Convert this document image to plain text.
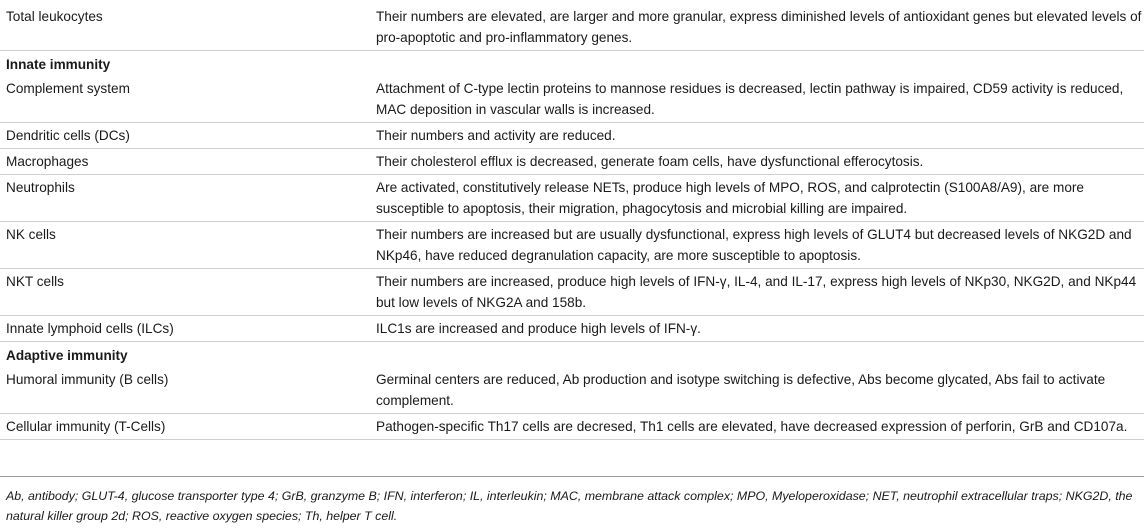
Total leukocytes	Their numbers are elevated, are larger and more granular, express diminished levels of antioxidant genes but elevated levels of pro-apoptotic and pro-inflammatory genes.
Innate immunity	
Complement system	Attachment of C-type lectin proteins to mannose residues is decreased, lectin pathway is impaired, CD59 activity is reduced, MAC deposition in vascular walls is increased.
Dendritic cells (DCs)	Their numbers and activity are reduced.
Macrophages	Their cholesterol efflux is decreased, generate foam cells, have dysfunctional efferocytosis.
Neutrophils	Are activated, constitutively release NETs, produce high levels of MPO, ROS, and calprotectin (S100A8/A9), are more susceptible to apoptosis, their migration, phagocytosis and microbial killing are impaired.
NK cells	Their numbers are increased but are usually dysfunctional, express high levels of GLUT4 but decreased levels of NKG2D and NKp46, have reduced degranulation capacity, are more susceptible to apoptosis.
NKT cells	Their numbers are increased, produce high levels of IFN-γ, IL-4, and IL-17, express high levels of NKp30, NKG2D, and NKp44 but low levels of NKG2A and 158b.
Innate lymphoid cells (ILCs)	ILC1s are increased and produce high levels of IFN-γ.
Adaptive immunity	
Humoral immunity (B cells)	Germinal centers are reduced, Ab production and isotype switching is defective, Abs become glycated, Abs fail to activate complement.
Cellular immunity (T-Cells)	Pathogen-specific Th17 cells are decresed, Th1 cells are elevated, have decreased expression of perforin, GrB and CD107a.
Ab, antibody; GLUT-4, glucose transporter type 4; GrB, granzyme B; IFN, interferon; IL, interleukin; MAC, membrane attack complex; MPO, Myeloperoxidase; NET, neutrophil extracellular traps; NKG2D, the natural killer group 2d; ROS, reactive oxygen species; Th, helper T cell.
